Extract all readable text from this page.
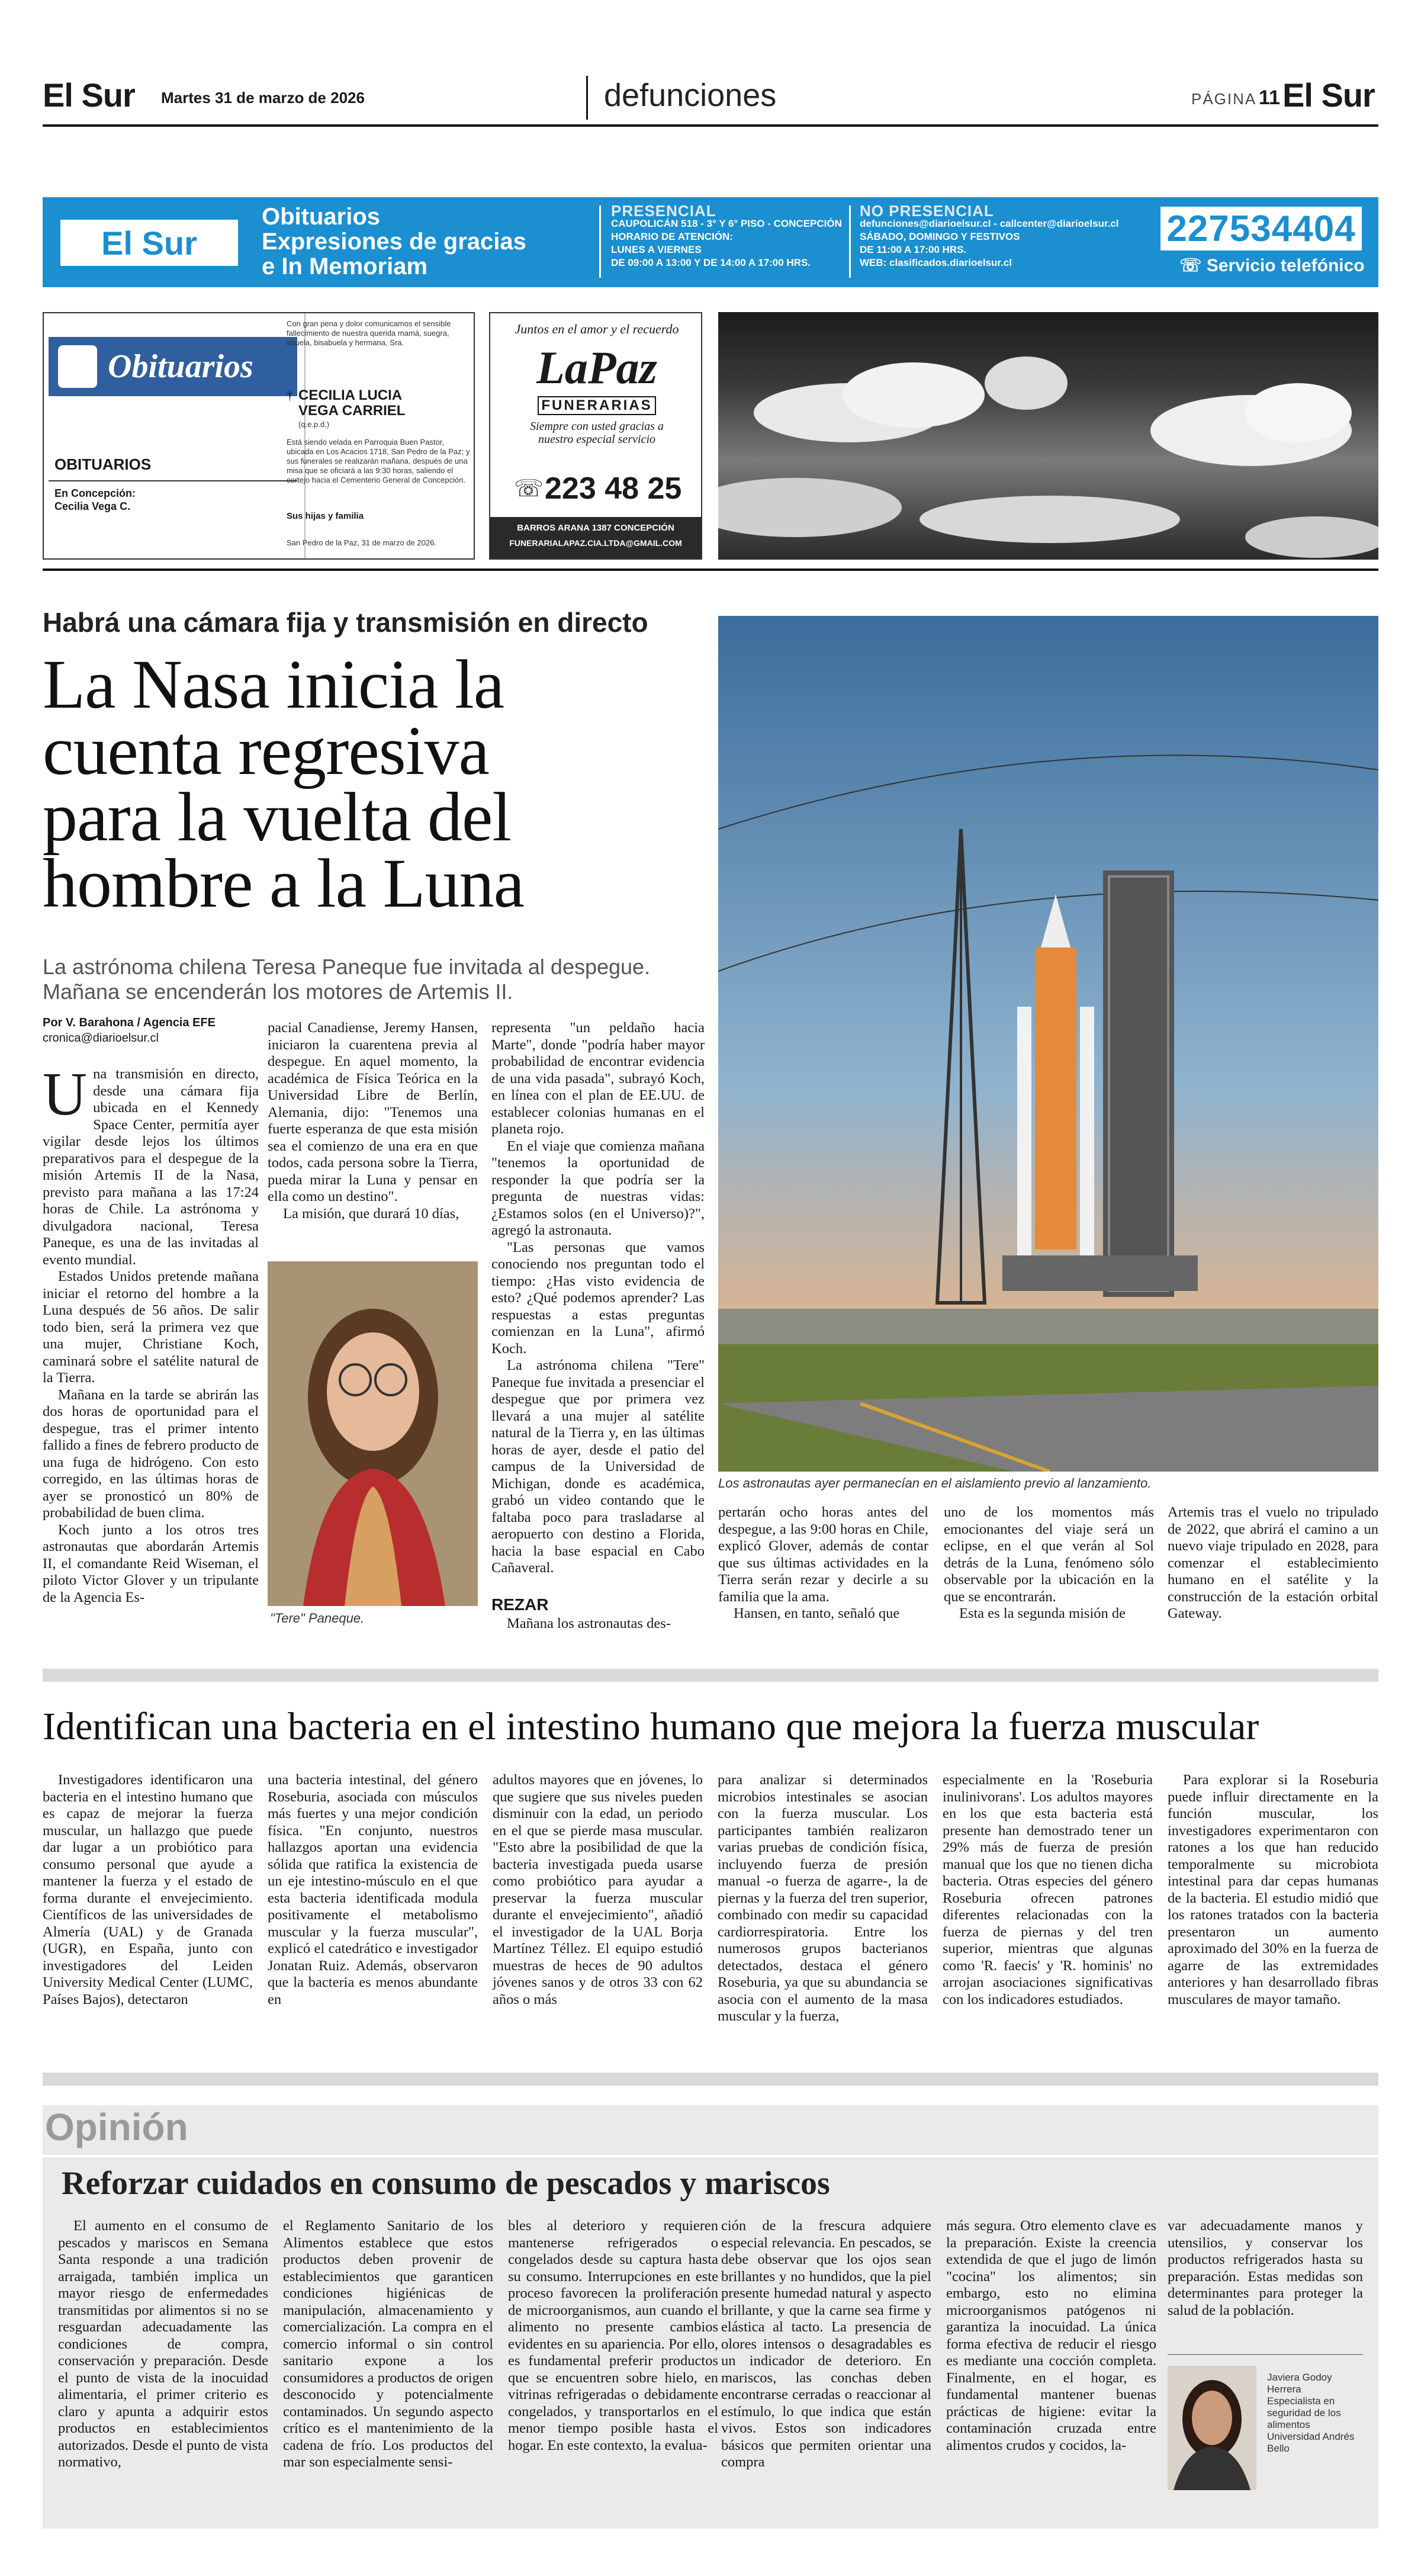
El Sur Martes 31 de marzo de 2026	defunciones	PÁGINA 11 El Sur
El Sur
Obituarios
Expresiones de gracias
e In Memoriam
PRESENCIAL
CAUPOLICÁN 518 - 3° Y 6° PISO - CONCEPCIÓN
HORARIO DE ATENCIÓN:
LUNES A VIERNES
DE 09:00 A 13:00 Y DE 14:00 A 17:00 HRS.
NO PRESENCIAL
defunciones@diarioelsur.cl - callcenter@diarioelsur.cl
SÁBADO, DOMINGO Y FESTIVOS
DE 11:00 A 17:00 HRS.
WEB: clasificados.diarioelsur.cl
227534404
☏ Servicio telefónico
Obituarios
OBITUARIOS
En Concepción:
Cecilia Vega C.
Con gran pena y dolor comunicamos el sensible fallecimiento de nuestra querida mamá, suegra, abuela, bisabuela y hermana, Sra.
† CECILIA LUCIA
VEGA CARRIEL
(q.e.p.d.)
Está siendo velada en Parroquia Buen Pastor, ubicada en Los Acacios 1718, San Pedro de la Paz; y sus funerales se realizarán mañana, después de una misa que se oficiará a las 9:30 horas, saliendo el cortejo hacia el Cementerio General de Concepción.
Sus hijas y familia
San Pedro de la Paz, 31 de marzo de 2026.
Juntos en el amor y el recuerdo
LaPaz
FUNERARIAS
Siempre con usted gracias a nuestro especial servicio
☏ 223 48 25
BARROS ARANA 1387 CONCEPCIÓN
FUNERARIALAPAZ.CIA.LTDA@GMAIL.COM
Habrá una cámara fija y transmisión en directo
La Nasa inicia la
cuenta regresiva
para la vuelta del
hombre a la Luna
La astrónoma chilena Teresa Paneque fue invitada al despegue.
Mañana se encenderán los motores de Artemis II.
Por V. Barahona / Agencia EFE
cronica@diarioelsur.cl

Una transmisión en directo, desde una cámara fija ubicada en el Kennedy Space Center, permitía ayer vigilar desde lejos los últimos preparativos para el despegue de la misión Artemis II de la Nasa, previsto para mañana a las 17:24 horas de Chile. La astrónoma y divulgadora nacional, Teresa Paneque, es una de las invitadas al evento mundial.

Estados Unidos pretende mañana iniciar el retorno del hombre a la Luna después de 56 años. De salir todo bien, será la primera vez que una mujer, Christiane Koch, caminará sobre el satélite natural de la Tierra.

Mañana en la tarde se abrirán las dos horas de oportunidad para el despegue, tras el primer intento fallido a fines de febrero producto de una fuga de hidrógeno. Con esto corregido, en las últimas horas de ayer se pronosticó un 80% de probabilidad de buen clima.

Koch junto a los otros tres astronautas que abordarán Artemis II, el comandante Reid Wiseman, el piloto Victor Glover y un tripulante de la Agencia Es-

pacial Canadiense, Jeremy Hansen, iniciaron la cuarentena previa al despegue. En aquel momento, la académica de Física Teórica en la Universidad Libre de Berlín, Alemania, dijo: "Tenemos una fuerte esperanza de que esta misión sea el comienzo de una era en que todos, cada persona sobre la Tierra, pueda mirar la Luna y pensar en ella como un destino".

La misión, que durará 10 días,

"Tere" Paneque.

representa "un peldaño hacia Marte", donde "podría haber mayor probabilidad de encontrar evidencia de una vida pasada", subrayó Koch, en línea con el plan de EE.UU. de establecer colonias humanas en el planeta rojo.

En el viaje que comienza mañana "tenemos la oportunidad de responder la que podría ser la pregunta de nuestras vidas: ¿Estamos solos (en el Universo)?", agregó la astronauta.

"Las personas que vamos conociendo nos preguntan todo el tiempo: ¿Has visto evidencia de esto? ¿Qué podemos aprender? Las respuestas a estas preguntas comienzan en la Luna", afirmó Koch.

La astrónoma chilena "Tere" Paneque fue invitada a presenciar el despegue que por primera vez llevará a una mujer al satélite natural de la Tierra y, en las últimas horas de ayer, desde el patio del campus de la Universidad de Michigan, donde es académica, grabó un video contando que le faltaba poco para trasladarse al aeropuerto con destino a Florida, hacia la base espacial en Cabo Cañaveral.

REZAR

Mañana los astronautas des-

Los astronautas ayer permanecían en el aislamiento previo al lanzamiento.

pertarán ocho horas antes del despegue, a las 9:00 horas en Chile, explicó Glover, además de contar que sus últimas actividades en la Tierra serán rezar y decirle a su familia que la ama.

Hansen, en tanto, señaló que

uno de los momentos más emocionantes del viaje será un eclipse, en el que verán al Sol detrás de la Luna, fenómeno sólo observable por la ubicación en la que se encontrarán.

Esta es la segunda misión de

Artemis tras el vuelo no tripulado de 2022, que abrirá el camino a un nuevo viaje tripulado en 2028, para comenzar el establecimiento humano en el satélite y la construcción de la estación orbital Gateway.

Identifican una bacteria en el intestino humano que mejora la fuerza muscular

Investigadores identificaron una bacteria en el intestino humano que es capaz de mejorar la fuerza muscular, un hallazgo que puede dar lugar a un probiótico para consumo personal que ayude a mantener la fuerza y el estado de forma durante el envejecimiento. Científicos de las universidades de Almería (UAL) y de Granada (UGR), en España, junto con investigadores del Leiden University Medical Center (LUMC, Países Bajos), detectaron

una bacteria intestinal, del género Roseburia, asociada con músculos más fuertes y una mejor condición física. "En conjunto, nuestros hallazgos aportan una evidencia sólida que ratifica la existencia de un eje intestino-músculo en el que esta bacteria identificada modula positivamente el metabolismo muscular y la fuerza muscular", explicó el catedrático e investigador Jonatan Ruiz. Además, observaron que la bacteria es menos abundante en

adultos mayores que en jóvenes, lo que sugiere que sus niveles pueden disminuir con la edad, un periodo en el que se pierde masa muscular. "Esto abre la posibilidad de que la bacteria investigada pueda usarse como probiótico para ayudar a preservar la fuerza muscular durante el envejecimiento", añadió el investigador de la UAL Borja Martínez Téllez. El equipo estudió muestras de heces de 90 adultos jóvenes sanos y de otros 33 con 62 años o más

para analizar si determinados microbios intestinales se asocian con la fuerza muscular. Los participantes también realizaron varias pruebas de condición física, incluyendo fuerza de presión manual -o fuerza de agarre-, la de piernas y la fuerza del tren superior, combinado con medir su capacidad cardiorrespiratoria. Entre los numerosos grupos bacterianos detectados, destaca el género Roseburia, ya que su abundancia se asocia con el aumento de la masa muscular y la fuerza,

especialmente en la 'Roseburia inulinivorans'. Los adultos mayores en los que esta bacteria está presente han demostrado tener un 29% más de fuerza de presión manual que los que no tienen dicha bacteria. Otras especies del género Roseburia ofrecen patrones diferentes relacionadas con la fuerza de piernas y del tren superior, mientras que algunas como 'R. faecis' y 'R. hominis' no arrojan asociaciones significativas con los indicadores estudiados.

Para explorar si la Roseburia puede influir directamente en la función muscular, los investigadores experimentaron con ratones a los que han reducido temporalmente su microbiota intestinal para dar cepas humanas de la bacteria. El estudio midió que los ratones tratados con la bacteria presentaron un aumento aproximado del 30% en la fuerza de agarre de las extremidades anteriores y han desarrollado fibras musculares de mayor tamaño.

Opinión
Reforzar cuidados en consumo de pescados y mariscos

El aumento en el consumo de pescados y mariscos en Semana Santa responde a una tradición arraigada, también implica un mayor riesgo de enfermedades transmitidas por alimentos si no se resguardan adecuadamente las condiciones de compra, conservación y preparación. Desde el punto de vista de la inocuidad alimentaria, el primer criterio es claro y apunta a adquirir estos productos en establecimientos autorizados. Desde el punto de vista normativo,

el Reglamento Sanitario de los Alimentos establece que estos productos deben provenir de establecimientos que garanticen condiciones higiénicas de manipulación, almacenamiento y comercialización. La compra en el comercio informal o sin control sanitario expone a los consumidores a productos de origen desconocido y potencialmente contaminados. Un segundo aspecto crítico es el mantenimiento de la cadena de frío. Los productos del mar son especialmente sensi-

bles al deterioro y requieren mantenerse refrigerados o congelados desde su captura hasta su consumo. Interrupciones en este proceso favorecen la proliferación de microorganismos, aun cuando el alimento no presente cambios evidentes en su apariencia. Por ello, es fundamental preferir productos que se encuentren sobre hielo, en vitrinas refrigeradas o debidamente congelados, y transportarlos en el menor tiempo posible hasta el hogar. En este contexto, la evalua-

ción de la frescura adquiere especial relevancia. En pescados, se debe observar que los ojos sean brillantes y no hundidos, que la piel presente humedad natural y aspecto brillante, y que la carne sea firme y elástica al tacto. La presencia de olores intensos o desagradables es un indicador de deterioro. En mariscos, las conchas deben encontrarse cerradas o reaccionar al estímulo, lo que indica que están vivos. Estos son indicadores básicos que permiten orientar una compra

más segura. Otro elemento clave es la preparación. Existe la creencia extendida de que el jugo de limón "cocina" los alimentos; sin embargo, esto no elimina microorganismos patógenos ni garantiza la inocuidad. La única forma efectiva de reducir el riesgo es mediante una cocción completa. Finalmente, en el hogar, es fundamental mantener buenas prácticas de higiene: evitar la contaminación cruzada entre alimentos crudos y cocidos, la-

var adecuadamente manos y utensilios, y conservar los productos refrigerados hasta su preparación. Estas medidas son determinantes para proteger la salud de la población.

Javiera Godoy Herrera
Especialista en seguridad de los alimentos Universidad Andrés Bello
